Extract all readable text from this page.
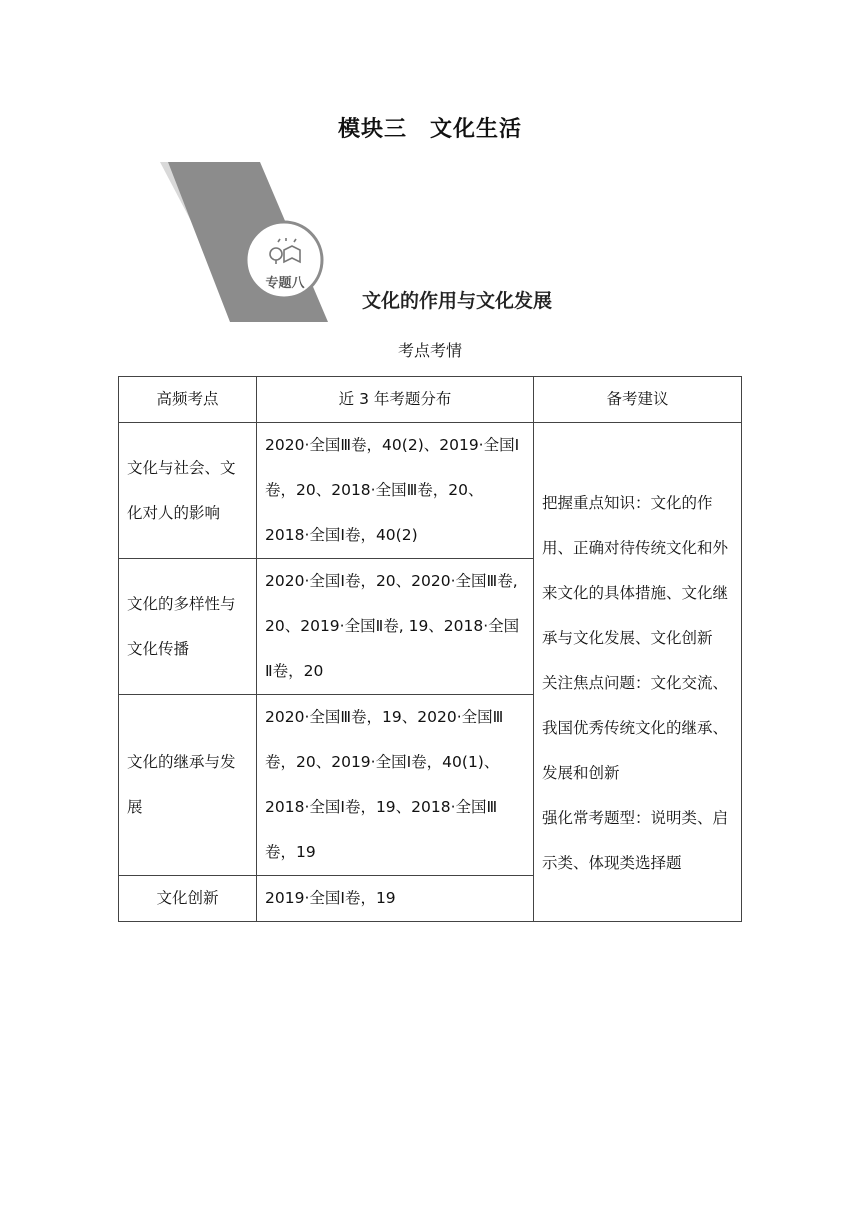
模块三　文化生活
专题八
文化的作用与文化发展
考点考情
高频考点	近 3 年考题分布	备考建议
文化与社会、文化对人的影响	2020·全国Ⅲ卷，40(2)、2019·全国Ⅰ卷，20、2018·全国Ⅲ卷，20、2018·全国Ⅰ卷，40(2)	把握重点知识：文化的作用、正确对待传统文化和外来文化的具体措施、文化继承与文化发展、文化创新
关注焦点问题：文化交流、我国优秀传统文化的继承、发展和创新
强化常考题型：说明类、启示类、体现类选择题

文化的多样性与文化传播	2020·全国Ⅰ卷，20、2020·全国Ⅲ卷, 20、2019·全国Ⅱ卷, 19、2018·全国Ⅱ卷，20	
文化的继承与发展	2020·全国Ⅲ卷，19、2020·全国Ⅲ卷，20、2019·全国Ⅰ卷，40(1)、2018·全国Ⅰ卷，19、2018·全国Ⅲ卷，19	
文化创新	2019·全国Ⅰ卷，19	
